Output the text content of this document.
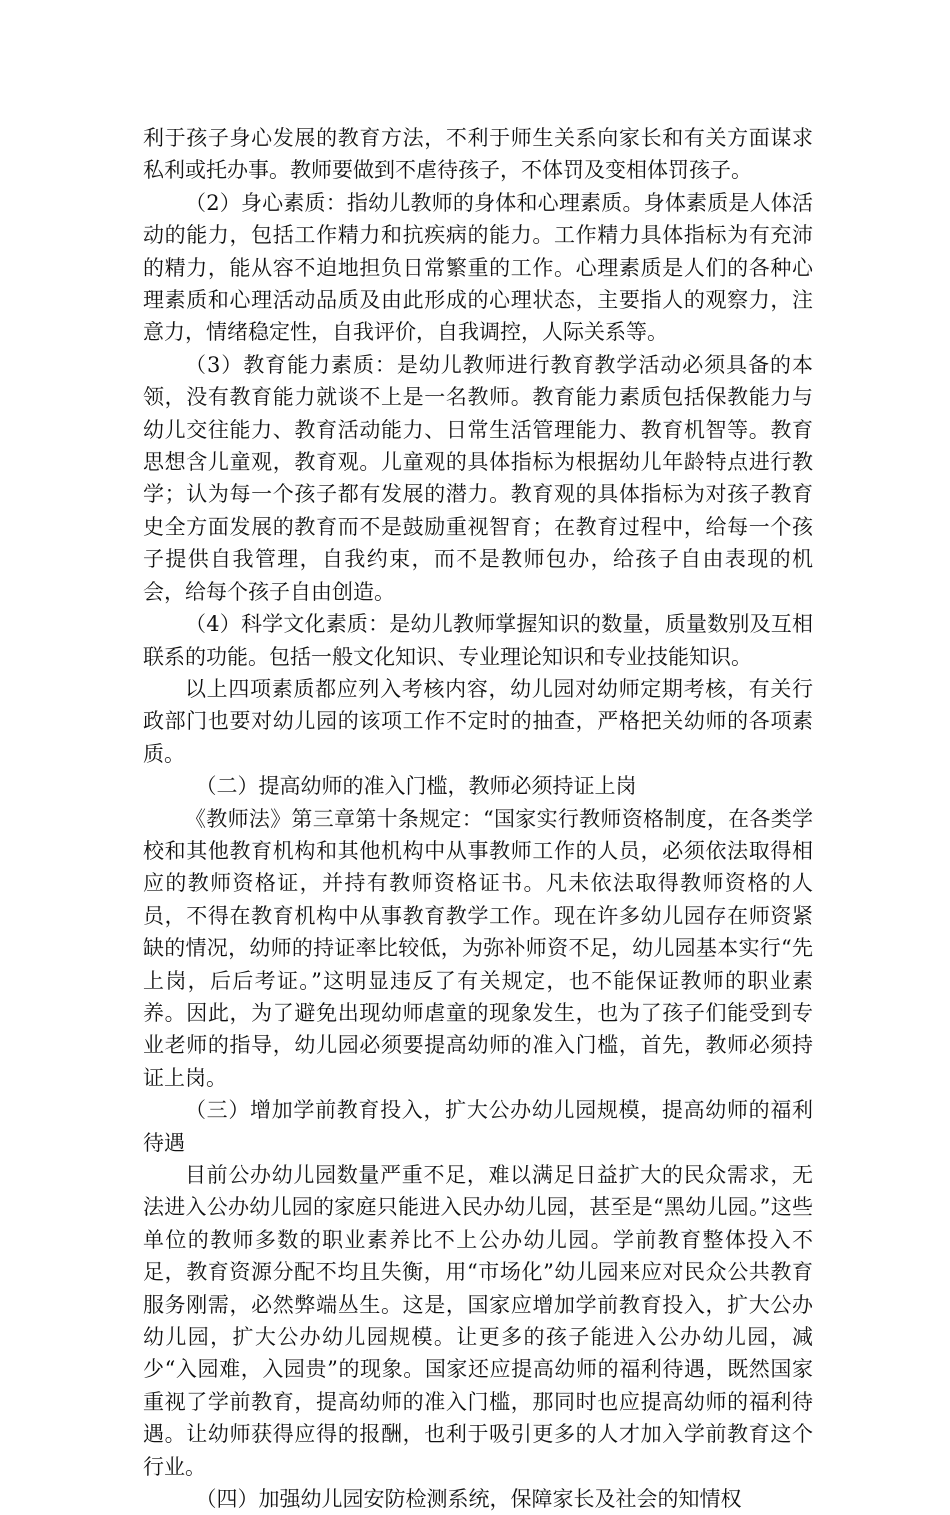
利于孩子身心发展的教育方法，不利于师生关系向家长和有关方面谋求私利或托办事。教师要做到不虐待孩子，不体罚及变相体罚孩子。

（2）身心素质：指幼儿教师的身体和心理素质。身体素质是人体活动的能力，包括工作精力和抗疾病的能力。工作精力具体指标为有充沛的精力，能从容不迫地担负日常繁重的工作。心理素质是人们的各种心理素质和心理活动品质及由此形成的心理状态，主要指人的观察力，注意力，情绪稳定性，自我评价，自我调控，人际关系等。

（3）教育能力素质：是幼儿教师进行教育教学活动必须具备的本领，没有教育能力就谈不上是一名教师。教育能力素质包括保教能力与幼儿交往能力、教育活动能力、日常生活管理能力、教育机智等。教育思想含儿童观，教育观。儿童观的具体指标为根据幼儿年龄特点进行教学；认为每一个孩子都有发展的潜力。教育观的具体指标为对孩子教育史全方面发展的教育而不是鼓励重视智育；在教育过程中，给每一个孩子提供自我管理，自我约束，而不是教师包办，给孩子自由表现的机会，给每个孩子自由创造。

（4）科学文化素质：是幼儿教师掌握知识的数量，质量数别及互相联系的功能。包括一般文化知识、专业理论知识和专业技能知识。

以上四项素质都应列入考核内容，幼儿园对幼师定期考核，有关行政部门也要对幼儿园的该项工作不定时的抽查，严格把关幼师的各项素质。

（二）提高幼师的准入门槛，教师必须持证上岗

《教师法》第三章第十条规定：“国家实行教师资格制度，在各类学校和其他教育机构和其他机构中从事教师工作的人员，必须依法取得相应的教师资格证，并持有教师资格证书。凡未依法取得教师资格的人员，不得在教育机构中从事教育教学工作。现在许多幼儿园存在师资紧缺的情况，幼师的持证率比较低，为弥补师资不足，幼儿园基本实行“先上岗，后后考证。”这明显违反了有关规定，也不能保证教师的职业素养。因此，为了避免出现幼师虐童的现象发生，也为了孩子们能受到专业老师的指导，幼儿园必须要提高幼师的准入门槛，首先，教师必须持证上岗。

（三）增加学前教育投入，扩大公办幼儿园规模，提高幼师的福利待遇

目前公办幼儿园数量严重不足，难以满足日益扩大的民众需求，无法进入公办幼儿园的家庭只能进入民办幼儿园，甚至是“黑幼儿园。”这些单位的教师多数的职业素养比不上公办幼儿园。学前教育整体投入不足，教育资源分配不均且失衡，用“市场化”幼儿园来应对民众公共教育服务刚需，必然弊端丛生。这是，国家应增加学前教育投入，扩大公办幼儿园，扩大公办幼儿园规模。让更多的孩子能进入公办幼儿园，减少“入园难，入园贵”的现象。国家还应提高幼师的福利待遇，既然国家重视了学前教育，提高幼师的准入门槛，那同时也应提高幼师的福利待遇。让幼师获得应得的报酬，也利于吸引更多的人才加入学前教育这个行业。

（四）加强幼儿园安防检测系统，保障家长及社会的知情权
